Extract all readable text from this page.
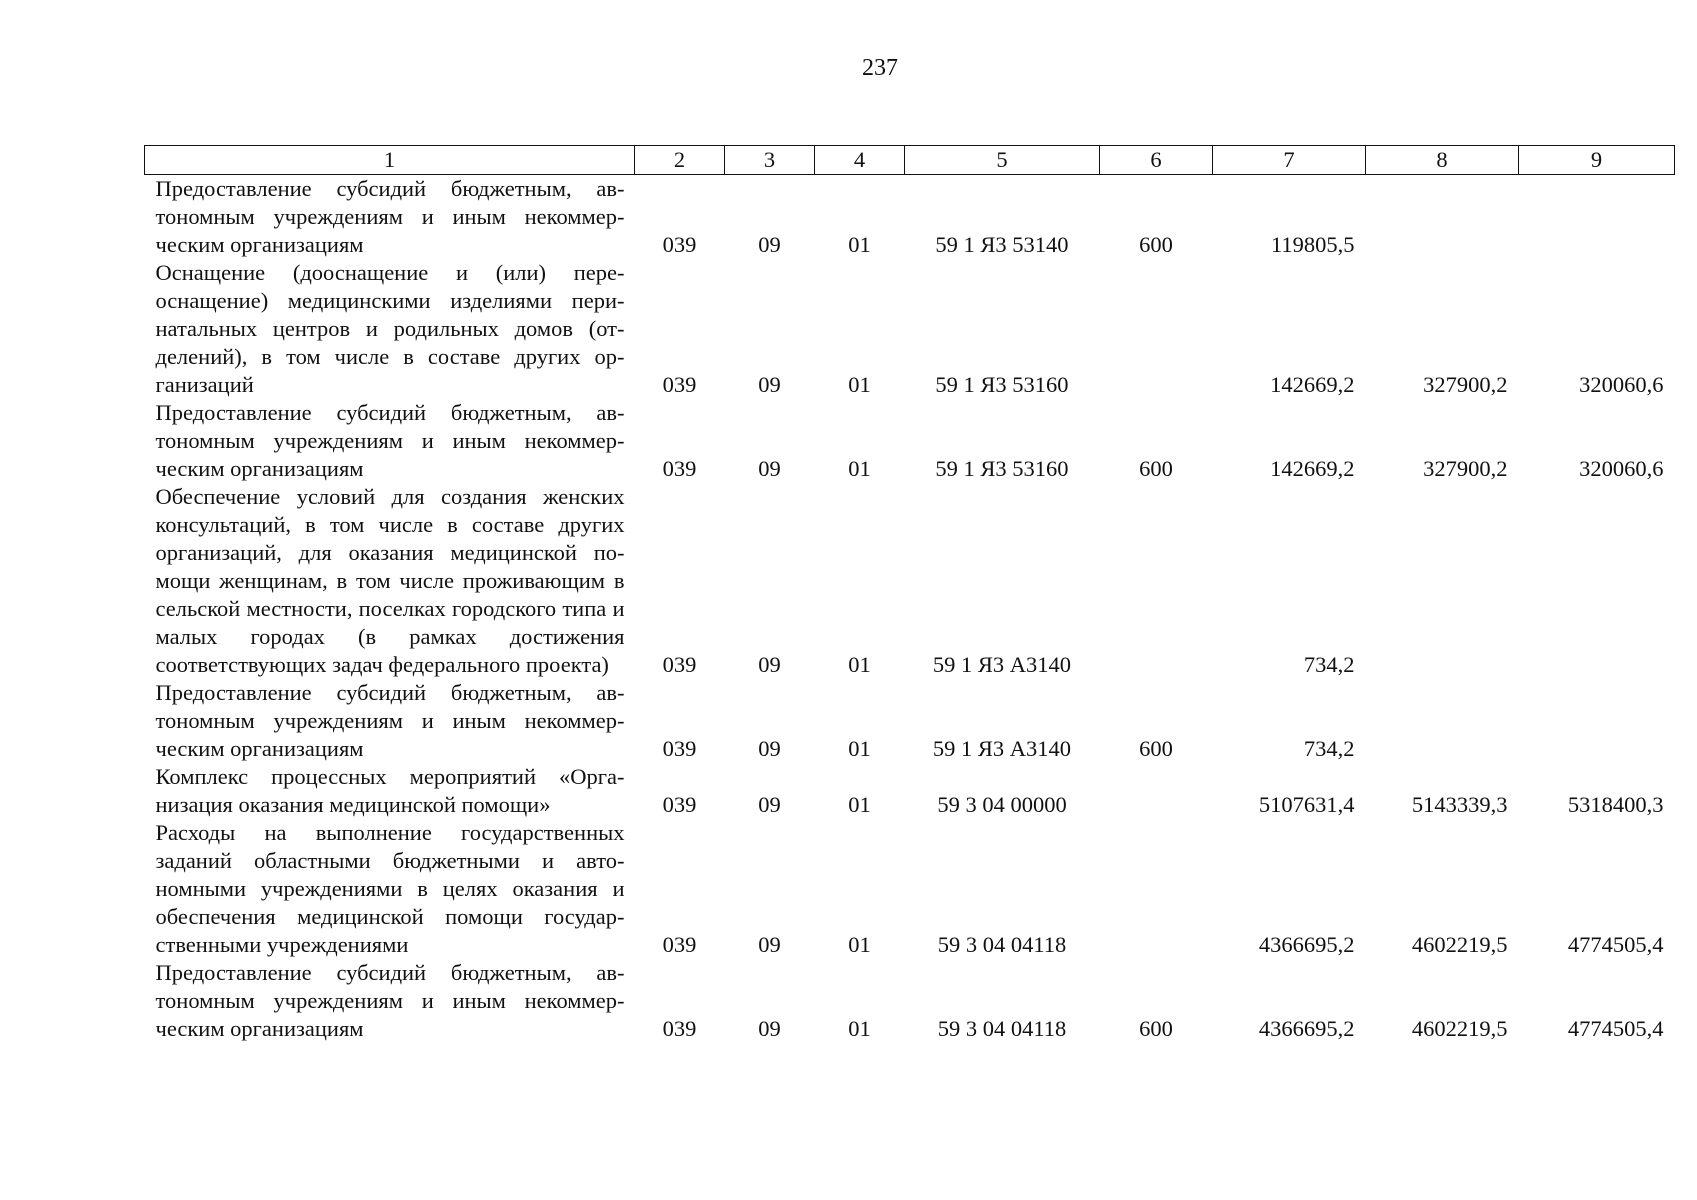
237
1	2	3	4	5	6	7	8	9
Предоставление субсидий бюджетным, автономным учреждениям и иным некоммерческим организациям	039	09	01	59 1 Я3 53140	600	119805,5		
Оснащение (дооснащение и (или) переоснащение) медицинскими изделиями перинатальных центров и родильных домов (отделений), в том числе в составе других организаций	039	09	01	59 1 Я3 53160		142669,2	327900,2	320060,6
Предоставление субсидий бюджетным, автономным учреждениям и иным некоммерческим организациям	039	09	01	59 1 Я3 53160	600	142669,2	327900,2	320060,6
Обеспечение условий для создания женских консультаций, в том числе в составе других организаций, для оказания медицинской помощи женщинам, в том числе проживающим в сельской местности, поселках городского типа и малых городах (в рамках достижения соответствующих задач федерального проекта)	039	09	01	59 1 Я3 А3140		734,2		
Предоставление субсидий бюджетным, автономным учреждениям и иным некоммерческим организациям	039	09	01	59 1 Я3 А3140	600	734,2		
Комплекс процессных мероприятий «Организация оказания медицинской помощи»	039	09	01	59 3 04 00000		5107631,4	5143339,3	5318400,3
Расходы на выполнение государственных заданий областными бюджетными и автономными учреждениями в целях оказания и обеспечения медицинской помощи государственными учреждениями	039	09	01	59 3 04 04118		4366695,2	4602219,5	4774505,4
Предоставление субсидий бюджетным, автономным учреждениям и иным некоммерческим организациям	039	09	01	59 3 04 04118	600	4366695,2	4602219,5	4774505,4
